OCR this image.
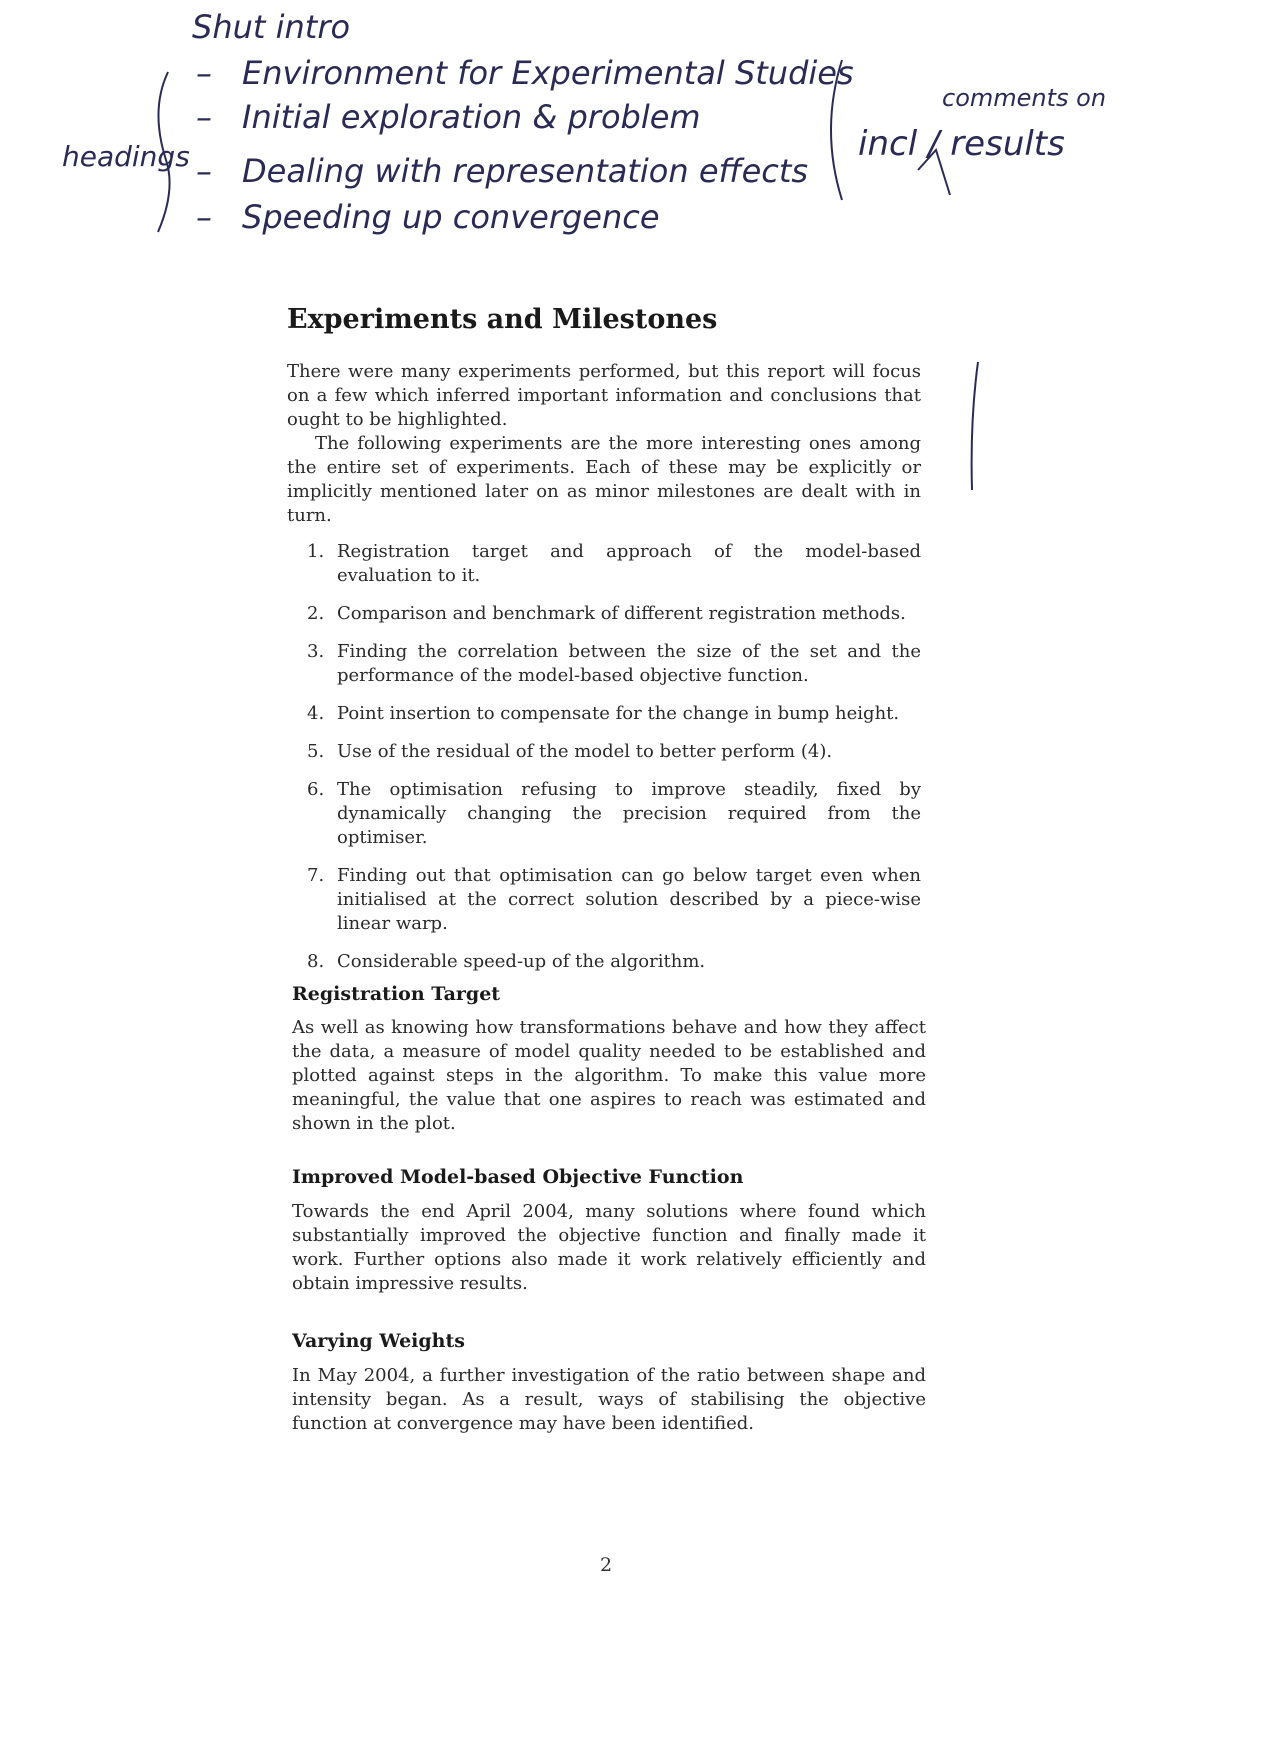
Shut intro
– Environment for Experimental Studies
– Initial exploration & problem
– Dealing with representation effects
– Speeding up convergence
headings
comments on
incl / results
Experiments and Milestones

There were many experiments performed, but this report will focus on a few which inferred important information and conclusions that ought to be highlighted.

The following experiments are the more interesting ones among the entire set of experiments. Each of these may be explicitly or implicitly mentioned later on as minor milestones are dealt with in turn.

1. Registration target and approach of the model-based evaluation to it.
2. Comparison and benchmark of different registration methods.
3. Finding the correlation between the size of the set and the performance of the model-based objective function.
4. Point insertion to compensate for the change in bump height.
5. Use of the residual of the model to better perform (4).
6. The optimisation refusing to improve steadily, fixed by dynamically changing the precision required from the optimiser.
7. Finding out that optimisation can go below target even when initialised at the correct solution described by a piece-wise linear warp.
8. Considerable speed-up of the algorithm.
Registration Target

As well as knowing how transformations behave and how they affect the data, a measure of model quality needed to be established and plotted against steps in the algorithm. To make this value more meaningful, the value that one aspires to reach was estimated and shown in the plot.

Improved Model-based Objective Function

Towards the end April 2004, many solutions where found which substantially improved the objective function and finally made it work. Further options also made it work relatively efficiently and obtain impressive results.

Varying Weights

In May 2004, a further investigation of the ratio between shape and intensity began. As a result, ways of stabilising the objective function at convergence may have been identified.

2
